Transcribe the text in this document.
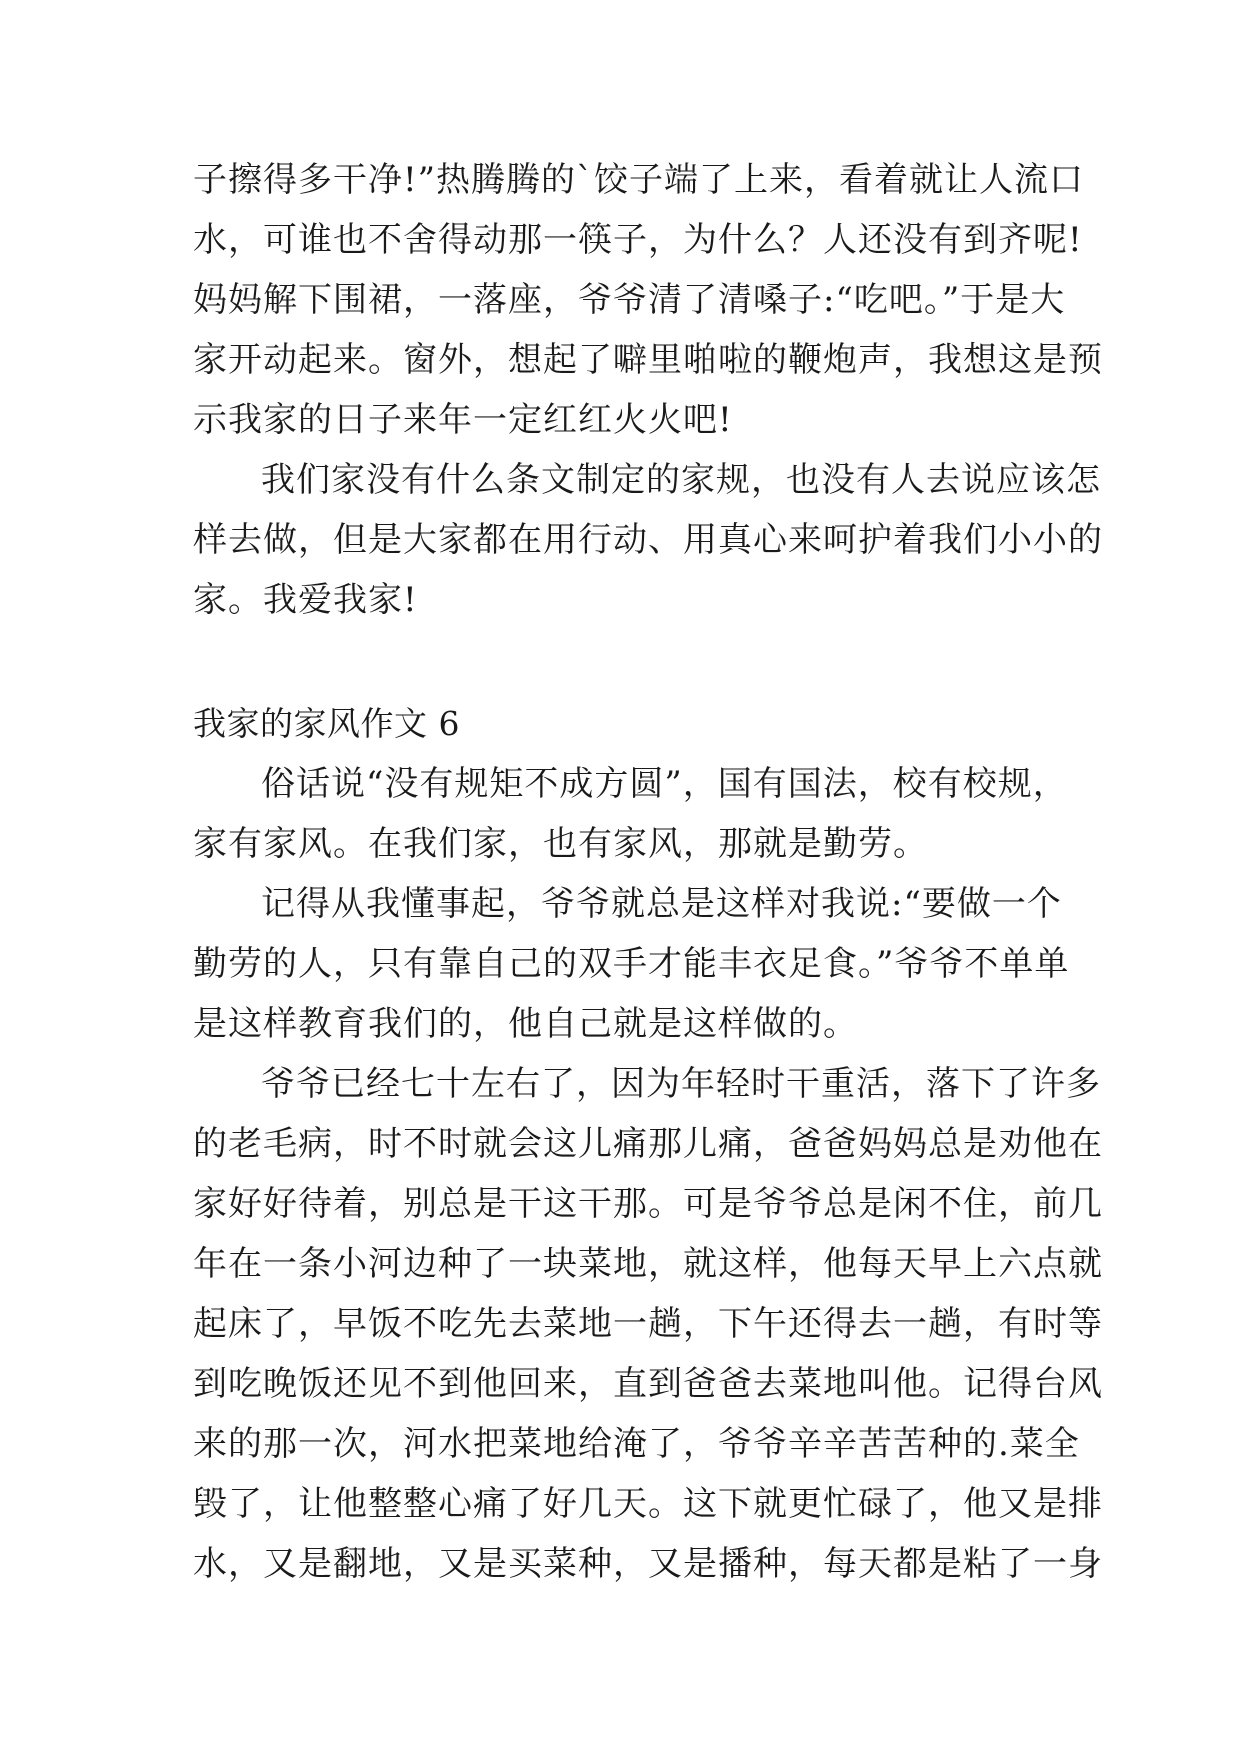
子擦得多干净!”热腾腾的`饺子端了上来，看着就让人流口
水，可谁也不舍得动那一筷子，为什么？人还没有到齐呢!
妈妈解下围裙，一落座，爷爷清了清嗓子:“吃吧。”于是大
家开动起来。窗外，想起了噼里啪啦的鞭炮声，我想这是预
示我家的日子来年一定红红火火吧!
我们家没有什么条文制定的家规，也没有人去说应该怎
样去做，但是大家都在用行动、用真心来呵护着我们小小的
家。我爱我家!
我家的家风作文 6
俗话说“没有规矩不成方圆”，国有国法，校有校规，
家有家风。在我们家，也有家风，那就是勤劳。
记得从我懂事起，爷爷就总是这样对我说:“要做一个
勤劳的人，只有靠自己的双手才能丰衣足食。”爷爷不单单
是这样教育我们的，他自己就是这样做的。
爷爷已经七十左右了，因为年轻时干重活，落下了许多
的老毛病，时不时就会这儿痛那儿痛，爸爸妈妈总是劝他在
家好好待着，别总是干这干那。可是爷爷总是闲不住，前几
年在一条小河边种了一块菜地，就这样，他每天早上六点就
起床了，早饭不吃先去菜地一趟，下午还得去一趟，有时等
到吃晚饭还见不到他回来，直到爸爸去菜地叫他。记得台风
来的那一次，河水把菜地给淹了，爷爷辛辛苦苦种的.菜全
毁了，让他整整心痛了好几天。这下就更忙碌了，他又是排
水，又是翻地，又是买菜种，又是播种，每天都是粘了一身
